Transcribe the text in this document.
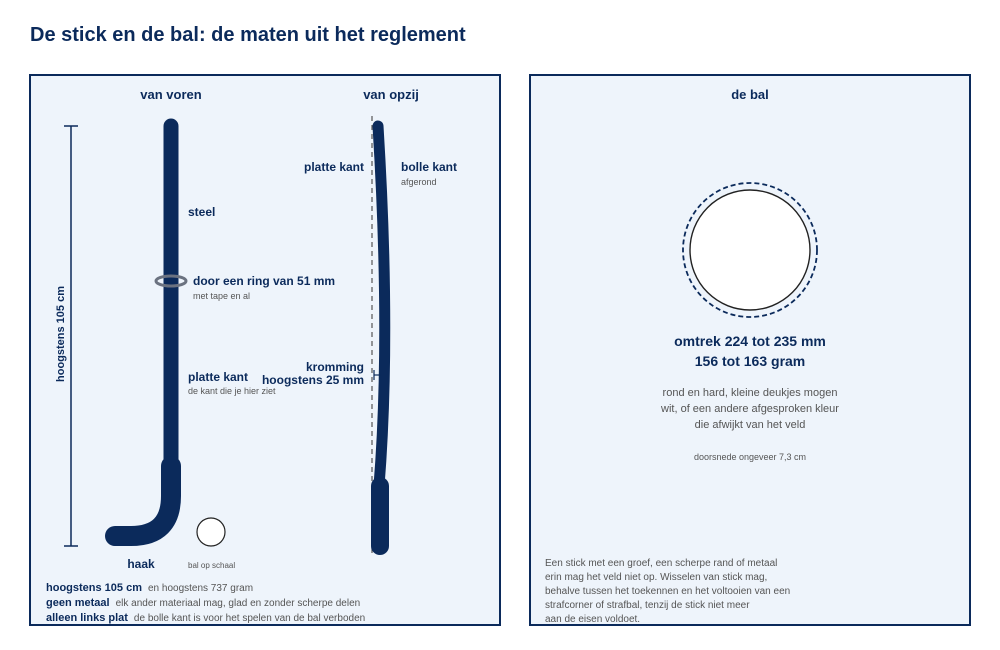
De stick en de bal: de maten uit het reglement
van voren	van opzij
hoogstens 105 cm
steel
door een ring van 51 mm
met tape en al
platte kant
de kant die je hier ziet
haak	bal op schaal
platte kant	bolle kant
afgerond
kromming
hoogstens 25 mm
hoogstens 105 cm en hoogstens 737 gram
geen metaal elk ander materiaal mag, glad en zonder scherpe delen
alleen links plat de bolle kant is voor het spelen van de bal verboden
de bal
omtrek 224 tot 235 mm
156 tot 163 gram
rond en hard, kleine deukjes mogen
wit, of een andere afgesproken kleur
die afwijkt van het veld
doorsnede ongeveer 7,3 cm
Een stick met een groef, een scherpe rand of metaal
erin mag het veld niet op. Wisselen van stick mag,
behalve tussen het toekennen en het voltooien van een
strafcorner of strafbal, tenzij de stick niet meer
aan de eisen voldoet.
